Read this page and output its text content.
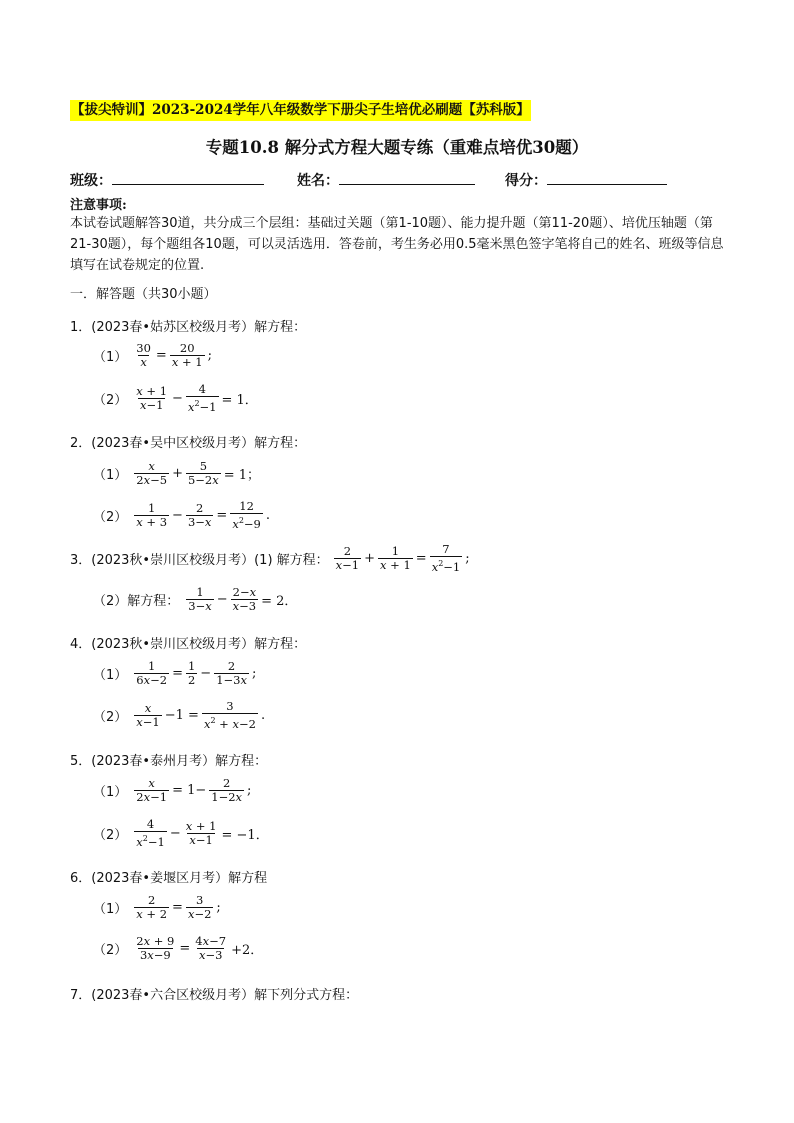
【拔尖特训】2023-2024学年八年级数学下册尖子生培优必刷题【苏科版】
专题10.8 解分式方程大题专练（重难点培优30题）
班级：	姓名：	得分：
注意事项:
本试卷试题解答30道，共分成三个层组：基础过关题（第1-10题）、能力提升题（第11-20题）、培优压轴题（第21-30题），每个题组各10题，可以灵活选用．答卷前，考生务必用0.5毫米黑色签字笔将自己的姓名、班级等信息填写在试卷规定的位置.
一．解答题（共30小题）
1．(2023春•姑苏区校级月考）解方程：
$(1) \frac{30}{x} = \frac{20}{x + 1}$ ;
$(2) \frac{x + 1}{x-1} - \frac{4}{x^2-1} = 1$．
2．(2023春•吴中区校级月考）解方程：
$(1) \frac{x}{2x-5} + \frac{5}{5-2x} = 1$；
$(2) \frac{1}{x + 3} - \frac{2}{3-x} = \frac{12}{x^2-9}$ .
3．(2023秋•崇川区校级月考）(1) 解方程： $\frac{2}{x-1} + \frac{1}{x + 1} = \frac{7}{x^2-1}$ ;
（2）解方程： $\frac{1}{3-x} - \frac{2-x}{x-3} = 2$．
4．(2023秋•崇川区校级月考）解方程：
$(1) \frac{1}{6x-2} = \frac{1}{2} - \frac{2}{1-3x}$ ;
$(2) \frac{x}{x-1} -1 = \frac{3}{x^2 + x-2}$ .
5．(2023春•泰州月考）解方程：
$(1) \frac{x}{2x-1} = 1- \frac{2}{1-2x}$ ;
$(2) \frac{4}{x^2-1} - \frac{x + 1}{x-1} = -1$．
6．(2023春•姜堰区月考）解方程
$(1) \frac{2}{x + 2} = \frac{3}{x-2}$ ;
$(2) \frac{2x + 9}{3x-9} = \frac{4x-7}{x-3} +2$．
7．(2023春•六合区校级月考）解下列分式方程：
